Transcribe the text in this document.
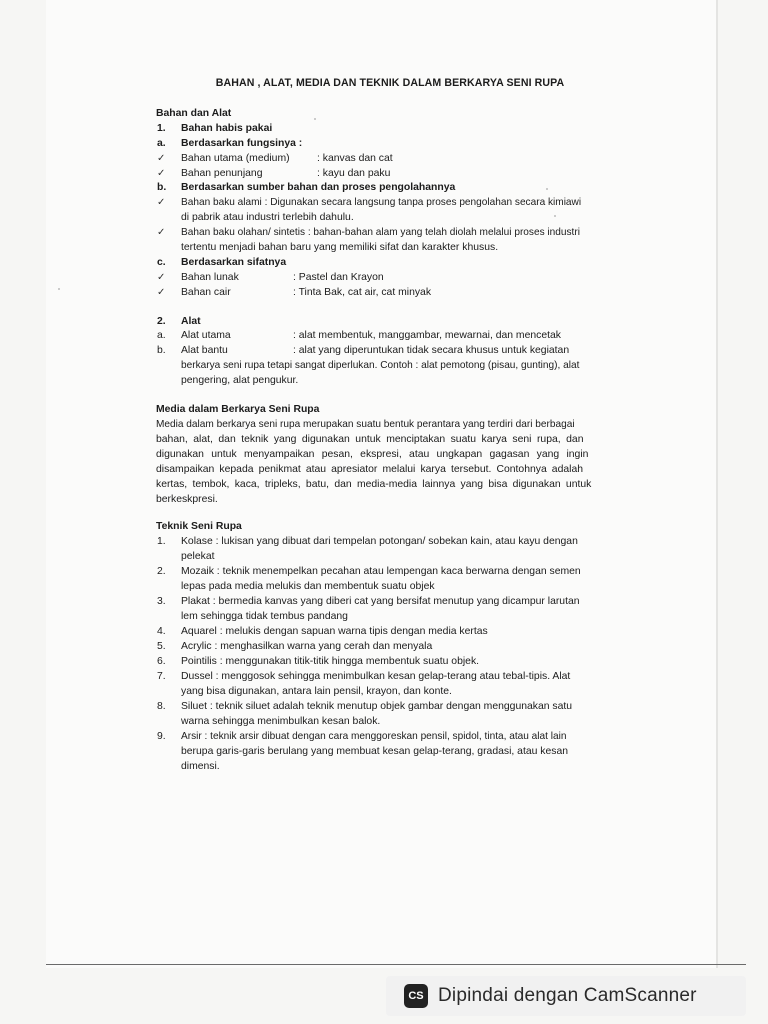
BAHAN , ALAT, MEDIA DAN TEKNIK DALAM BERKARYA SENI RUPA
Bahan dan Alat
1. Bahan habis pakai
a. Berdasarkan fungsinya :
✓ Bahan utama (medium)	: kanvas dan cat
✓ Bahan penunjang	: kayu dan paku
b. Berdasarkan sumber bahan dan proses pengolahannya
✓ Bahan baku alami : Digunakan secara langsung tanpa proses pengolahan secara kimiawi
di pabrik atau industri terlebih dahulu.
✓ Bahan baku olahan/ sintetis : bahan-bahan alam yang telah diolah melalui proses industri
tertentu menjadi bahan baru yang memiliki sifat dan karakter khusus.
c. Berdasarkan sifatnya
✓ Bahan lunak	: Pastel dan Krayon
✓ Bahan cair	: Tinta Bak, cat air, cat minyak
2. Alat
a. Alat utama	: alat membentuk, manggambar, mewarnai, dan mencetak
b. Alat bantu	: alat yang diperuntukan tidak secara khusus untuk kegiatan
berkarya seni rupa tetapi sangat diperlukan. Contoh : alat pemotong (pisau, gunting), alat
pengering, alat pengukur.
Media dalam Berkarya Seni Rupa
Media dalam berkarya seni rupa merupakan suatu bentuk perantara yang terdiri dari berbagai
bahan, alat, dan teknik yang digunakan untuk menciptakan suatu karya seni rupa, dan
digunakan untuk menyampaikan pesan, ekspresi, atau ungkapan gagasan yang ingin
disampaikan kepada penikmat atau apresiator melalui karya tersebut. Contohnya adalah
kertas, tembok, kaca, tripleks, batu, dan media-media lainnya yang bisa digunakan untuk
berkeskpresi.
Teknik Seni Rupa
1. Kolase : lukisan yang dibuat dari tempelan potongan/ sobekan kain, atau kayu dengan
pelekat
2. Mozaik : teknik menempelkan pecahan atau lempengan kaca berwarna dengan semen
lepas pada media melukis dan membentuk suatu objek
3. Plakat : bermedia kanvas yang diberi cat yang bersifat menutup yang dicampur larutan
lem sehingga tidak tembus pandang
4. Aquarel : melukis dengan sapuan warna tipis dengan media kertas
5. Acrylic : menghasilkan warna yang cerah dan menyala
6. Pointilis : menggunakan titik-titik hingga membentuk suatu objek.
7. Dussel : menggosok sehingga menimbulkan kesan gelap-terang atau tebal-tipis. Alat
yang bisa digunakan, antara lain pensil, krayon, dan konte.
8. Siluet : teknik siluet adalah teknik menutup objek gambar dengan menggunakan satu
warna sehingga menimbulkan kesan balok.
9. Arsir : teknik arsir dibuat dengan cara menggoreskan pensil, spidol, tinta, atau alat lain
berupa garis-garis berulang yang membuat kesan gelap-terang, gradasi, atau kesan
dimensi.
CS Dipindai dengan CamScanner
